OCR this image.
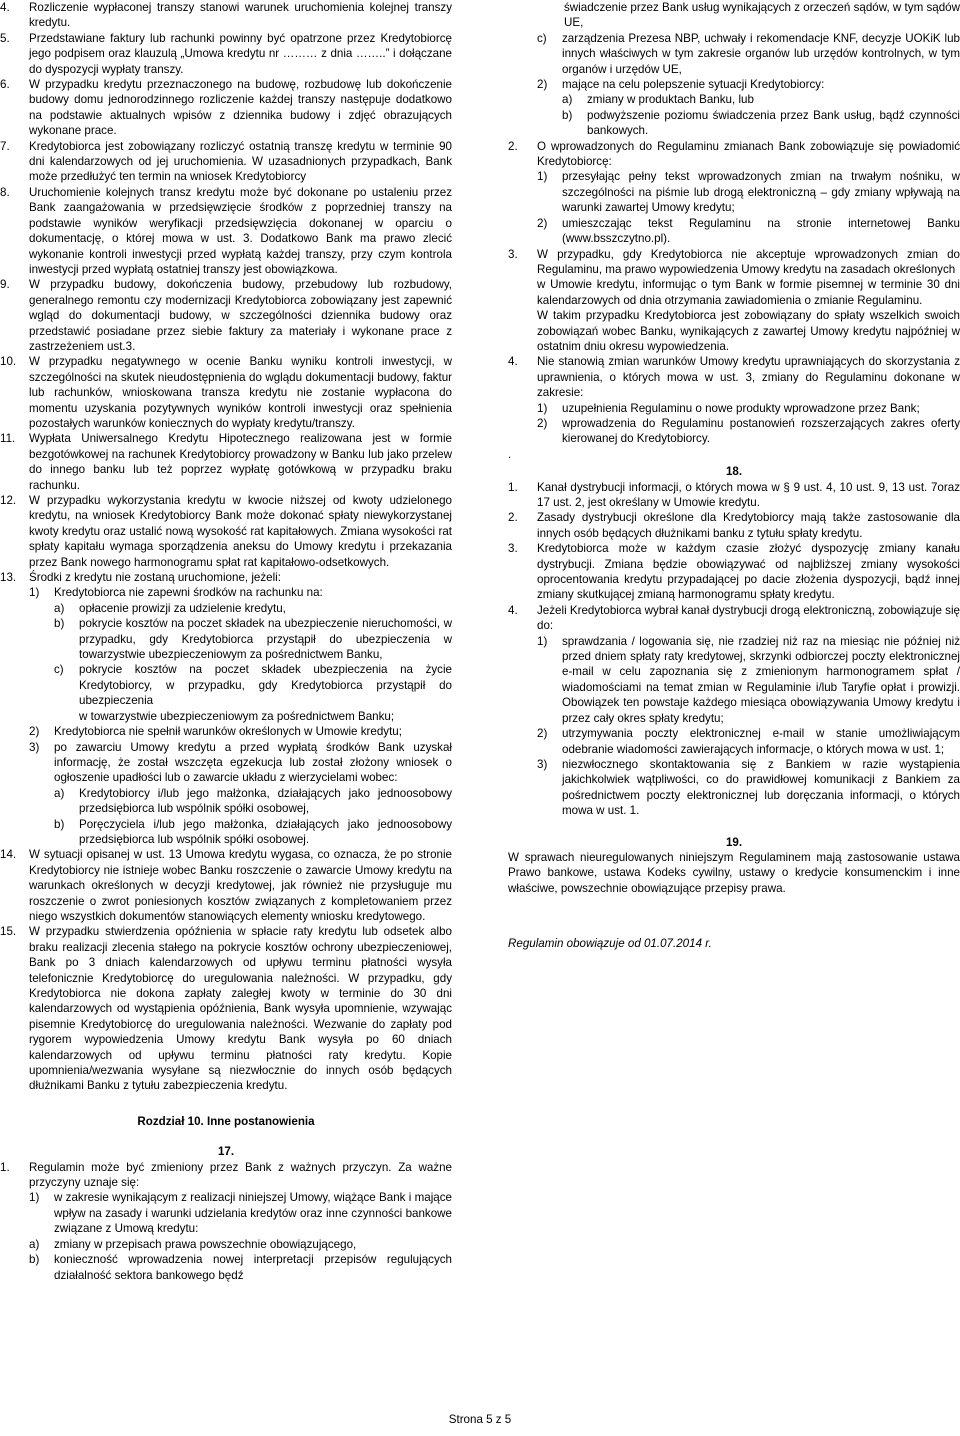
4.	Rozliczenie wypłaconej transzy stanowi warunek uruchomienia kolejnej transzy kredytu.
5.	Przedstawiane faktury lub rachunki powinny być opatrzone przez Kredytobiorcę jego podpisem oraz klauzulą „Umowa kredytu nr ……… z dnia ……..” i dołączane do dyspozycji wypłaty transzy.
6.	W przypadku kredytu przeznaczonego na budowę, rozbudowę lub dokończenie budowy domu jednorodzinnego rozliczenie każdej transzy następuje dodatkowo na podstawie aktualnych wpisów z dziennika budowy i zdjęć obrazujących wykonane prace.
7.	Kredytobiorca jest zobowiązany rozliczyć ostatnią transzę kredytu w terminie 90 dni kalendarzowych od jej uruchomienia. W uzasadnionych przypadkach, Bank może przedłużyć ten termin na wniosek Kredytobiorcy
8.	Uruchomienie kolejnych transz kredytu może być dokonane po ustaleniu przez Bank zaangażowania w przedsięwzięcie środków z poprzedniej transzy na podstawie wyników weryfikacji przedsięwzięcia dokonanej w oparciu o dokumentację, o której mowa w ust. 3. Dodatkowo Bank ma prawo zlecić wykonanie kontroli inwestycji przed wypłatą każdej transzy, przy czym kontrola inwestycji przed wypłatą ostatniej transzy jest obowiązkowa.
9.	W przypadku budowy, dokończenia budowy, przebudowy lub rozbudowy, generalnego remontu czy modernizacji Kredytobiorca zobowiązany jest zapewnić wgląd do dokumentacji budowy, w szczególności dziennika budowy oraz przedstawić posiadane przez siebie faktury za materiały i wykonane prace z zastrzeżeniem ust.3.
10.	W przypadku negatywnego w ocenie Banku wyniku kontroli inwestycji, w szczególności na skutek nieudostępnienia do wglądu dokumentacji budowy, faktur lub rachunków, wnioskowana transza kredytu nie zostanie wypłacona do momentu uzyskania pozytywnych wyników kontroli inwestycji oraz spełnienia pozostałych warunków koniecznych do wypłaty kredytu/transzy.
11.	Wypłata Uniwersalnego Kredytu Hipotecznego realizowana jest w formie bezgotówkowej na rachunek Kredytobiorcy prowadzony w Banku lub jako przelew do innego banku lub też poprzez wypłatę gotówkową w przypadku braku rachunku.
12.	W przypadku wykorzystania kredytu w kwocie niższej od kwoty udzielonego kredytu, na wniosek Kredytobiorcy Bank może dokonać spłaty niewykorzystanej kwoty kredytu oraz ustalić nową wysokość rat kapitałowych. Zmiana wysokości rat spłaty kapitału wymaga sporządzenia aneksu do Umowy kredytu i przekazania przez Bank nowego harmonogramu spłat rat kapitałowo-odsetkowych.
13.	Środki z kredytu nie zostaną uruchomione, jeżeli:
1)	Kredytobiorca nie zapewni środków na rachunku na:
a)	opłacenie prowizji za udzielenie kredytu,
b)	pokrycie kosztów na poczet składek na ubezpieczenie nieruchomości, w przypadku, gdy Kredytobiorca przystąpił do ubezpieczenia w towarzystwie ubezpieczeniowym za pośrednictwem Banku,
c)	pokrycie kosztów na poczet składek ubezpieczenia na życie Kredytobiorcy, w przypadku, gdy Kredytobiorca przystąpił do ubezpieczenia

w towarzystwie ubezpieczeniowym za pośrednictwem Banku;

2)	Kredytobiorca nie spełnił warunków określonych w Umowie kredytu;
3)	po zawarciu Umowy kredytu a przed wypłatą środków Bank uzyskał informację, że został wszczęta egzekucja lub został złożony wniosek o ogłoszenie upadłości lub o zawarcie układu z wierzycielami wobec:
a)	Kredytobiorcy i/lub jego małżonka, działających jako jednoosobowy przedsiębiorca lub wspólnik spółki osobowej,
b)	Poręczyciela i/lub jego małżonka, działających jako jednoosobowy przedsiębiorca lub wspólnik spółki osobowej.
14.	W sytuacji opisanej w ust. 13 Umowa kredytu wygasa, co oznacza, że po stronie Kredytobiorcy nie istnieje wobec Banku roszczenie o zawarcie Umowy kredytu na warunkach określonych w decyzji kredytowej, jak również nie przysługuje mu roszczenie o zwrot poniesionych kosztów związanych z kompletowaniem przez niego wszystkich dokumentów stanowiących elementy wniosku kredytowego.
15.	W przypadku stwierdzenia opóźnienia w spłacie raty kredytu lub odsetek albo braku realizacji zlecenia stałego na pokrycie kosztów ochrony ubezpieczeniowej, Bank po 3 dniach kalendarzowych od upływu terminu płatności wysyła telefonicznie Kredytobiorcę do uregulowania należności. W przypadku, gdy Kredytobiorca nie dokona zapłaty zaległej kwoty w terminie do 30 dni kalendarzowych od wystąpienia opóźnienia, Bank wysyła upomnienie, wzywając pisemnie Kredytobiorcę do uregulowania należności. Wezwanie do zapłaty pod rygorem wypowiedzenia Umowy kredytu Bank wysyła po 60 dniach kalendarzowych od upływu terminu płatności raty kredytu. Kopie upomnienia/wezwania wysyłane są niezwłocznie do innych osób będących dłużnikami Banku z tytułu zabezpieczenia kredytu.

Rozdział 10. Inne postanowienia

17.

1.	Regulamin może być zmieniony przez Bank z ważnych przyczyn. Za ważne przyczyny uznaje się:
1)	w zakresie wynikającym z realizacji niniejszej Umowy, wiążące Bank i mające wpływ na zasady i warunki udzielania kredytów oraz inne czynności bankowe związane z Umową kredytu:
a)	zmiany w przepisach prawa powszechnie obowiązującego,
b)	konieczność wprowadzenia nowej interpretacji przepisów regulujących działalność sektora bankowego będź

świadczenie przez Bank usług wynikających z orzeczeń sądów, w tym sądów UE,

c)	zarządzenia Prezesa NBP, uchwały i rekomendacje KNF, decyzje UOKiK lub innych właściwych w tym zakresie organów lub urzędów kontrolnych, w tym organów i urzędów UE,
2)	mające na celu polepszenie sytuacji Kredytobiorcy:
a)	zmiany w produktach Banku, lub
b)	podwyższenie poziomu świadczenia przez Bank usług, bądź czynności bankowych.
2.	O wprowadzonych do Regulaminu zmianach Bank zobowiązuje się powiadomić Kredytobiorcę:
1)	przesyłając pełny tekst wprowadzonych zmian na trwałym nośniku, w szczególności na piśmie lub drogą elektroniczną – gdy zmiany wpływają na warunki zawartej Umowy kredytu;
2)	umieszczając tekst Regulaminu na stronie internetowej Banku (www.bsszczytno.pl).
3.	W przypadku, gdy Kredytobiorca nie akceptuje wprowadzonych zmian do Regulaminu, ma prawo wypowiedzenia Umowy kredytu na zasadach określonych

w Umowie kredytu, informując o tym Bank w formie pisemnej w terminie 30 dni kalendarzowych od dnia otrzymania zawiadomienia o zmianie Regulaminu.

W takim przypadku Kredytobiorca jest zobowiązany do spłaty wszelkich swoich zobowiązań wobec Banku, wynikających z zawartej Umowy kredytu najpóźniej w ostatnim dniu okresu wypowiedzenia.

4.	Nie stanowią zmian warunków Umowy kredytu uprawniających do skorzystania z uprawnienia, o których mowa w ust. 3, zmiany do Regulaminu dokonane w zakresie:
1)	uzupełnienia Regulaminu o nowe produkty wprowadzone przez Bank;
2)	wprowadzenia do Regulaminu postanowień rozszerzających zakres oferty kierowanej do Kredytobiorcy.

.

18.

1.	Kanał dystrybucji informacji, o których mowa w § 9 ust. 4, 10 ust. 9, 13 ust. 7oraz 17 ust. 2, jest określany w Umowie kredytu.
2.	Zasady dystrybucji określone dla Kredytobiorcy mają także zastosowanie dla innych osób będących dłużnikami banku z tytułu spłaty kredytu.
3.	Kredytobiorca może w każdym czasie złożyć dyspozycję zmiany kanału dystrybucji. Zmiana będzie obowiązywać od najbliższej zmiany wysokości oprocentowania kredytu przypadającej po dacie złożenia dyspozycji, bądź innej zmiany skutkującej zmianą harmonogramu spłaty kredytu.
4.	Jeżeli Kredytobiorca wybrał kanał dystrybucji drogą elektroniczną, zobowiązuje się do:
1)	sprawdzania / logowania się, nie rzadziej niż raz na miesiąc nie później niż przed dniem spłaty raty kredytowej, skrzynki odbiorczej poczty elektronicznej e-mail w celu zapoznania się z zmienionym harmonogramem spłat / wiadomościami na temat zmian w Regulaminie i/lub Taryfie opłat i prowizji. Obowiązek ten powstaje każdego miesiąca obowiązywania Umowy kredytu i przez cały okres spłaty kredytu;
2)	utrzymywania poczty elektronicznej e-mail w stanie umożliwiającym odebranie wiadomości zawierających informacje, o których mowa w ust. 1;
3)	niezwłocznego skontaktowania się z Bankiem w razie wystąpienia jakichkolwiek wątpliwości, co do prawidłowej komunikacji z Bankiem za pośrednictwem poczty elektronicznej lub doręczania informacji, o których mowa w ust. 1.

19.

W sprawach nieuregulowanych niniejszym Regulaminem mają zastosowanie ustawa Prawo bankowe, ustawa Kodeks cywilny, ustawy o kredycie konsumenckim i inne właściwe, powszechnie obowiązujące przepisy prawa.

Regulamin obowiązuje od 01.07.2014 r.

Strona 5 z 5
